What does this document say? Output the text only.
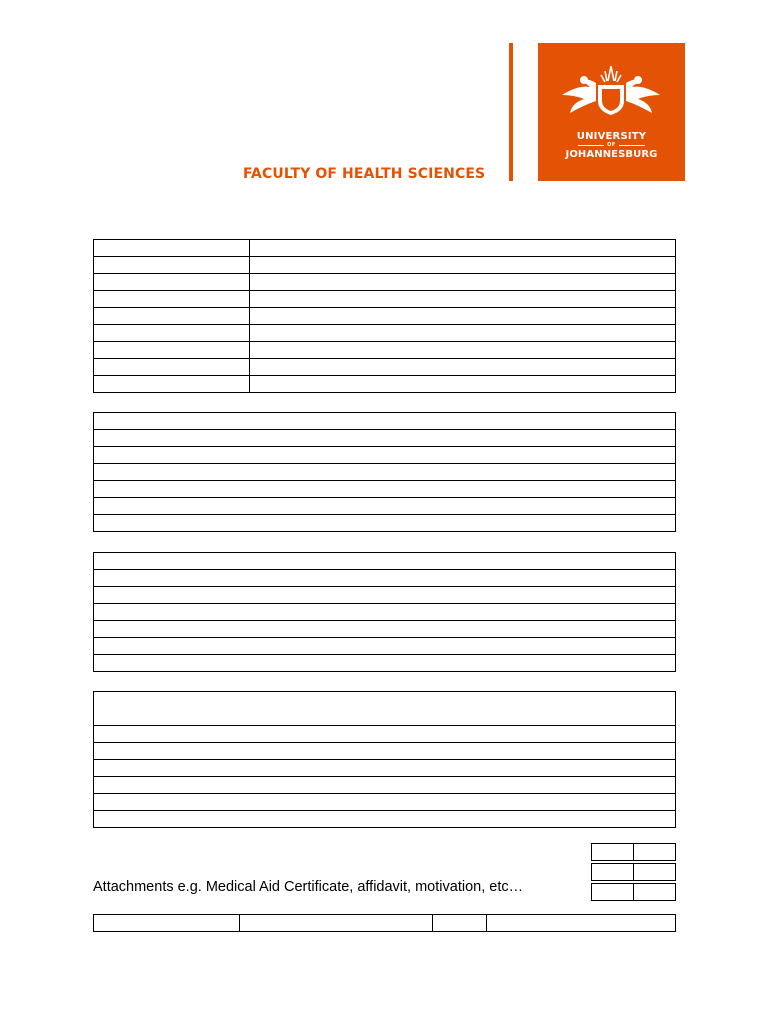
FACULTY OF HEALTH SCIENCES
UNIVERSITY
OF
JOHANNESBURG

Attachments e.g. Medical Aid Certificate, affidavit, motivation, etc…
